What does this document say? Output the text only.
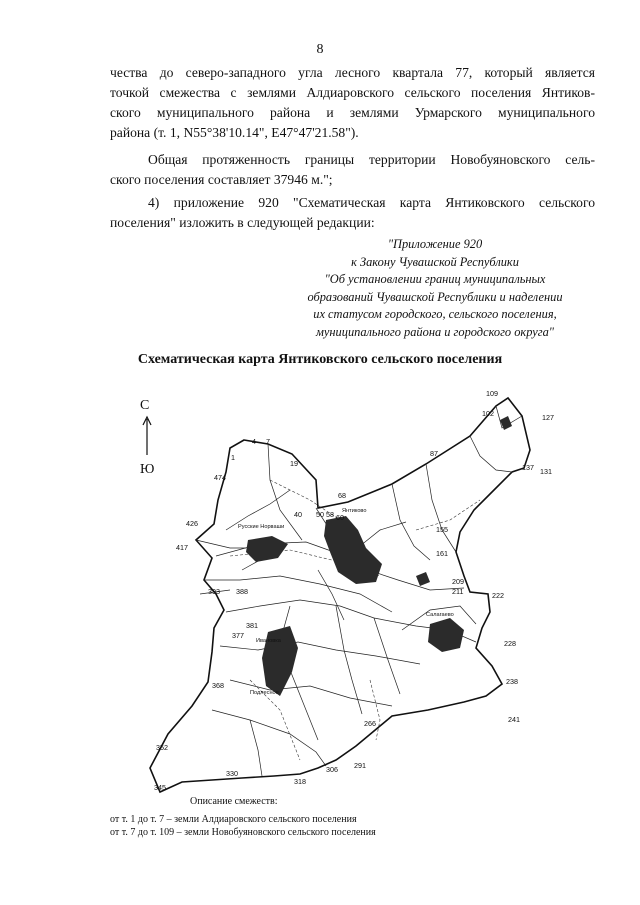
8
чества до северо-западного угла лесного квартала 77, который является
точкой смежества с землями Алдиаровского сельского поселения Янтиков-
ского муниципального района и землями Урмарского муниципального
района (т. 1, N55°38'10.14", E47°47'21.58").
Общая протяженность границы территории Новобуяновского сель-
ского поселения составляет 37946 м.";
4) приложение 920 "Схематическая карта Янтиковского сельского
поселения" изложить в следующей редакции:
"Приложение 920
к Закону Чувашской Республики
"Об установлении границ муниципальных
образований Чувашской Республики и наделении
их статусом городского, сельского поселения,
муниципального района и городского округа"
Схематическая карта Янтиковского сельского поселения
С
Ю
Русские Норваши
Янтиково
Салагаево
Подлесное
Ивановка
1
4 7
19
474
426
417
393 388
381
377
368
352
345
330
318
306 291
266	241
238
228
222
211
209
161
155
137 131
127
102
109
87
68
60
58
50
40
Описание смежеств:
от т. 1 до т. 7 – земли Алдиаровского сельского поселения
от т. 7 до т. 109 – земли Новобуяновского сельского поселения
